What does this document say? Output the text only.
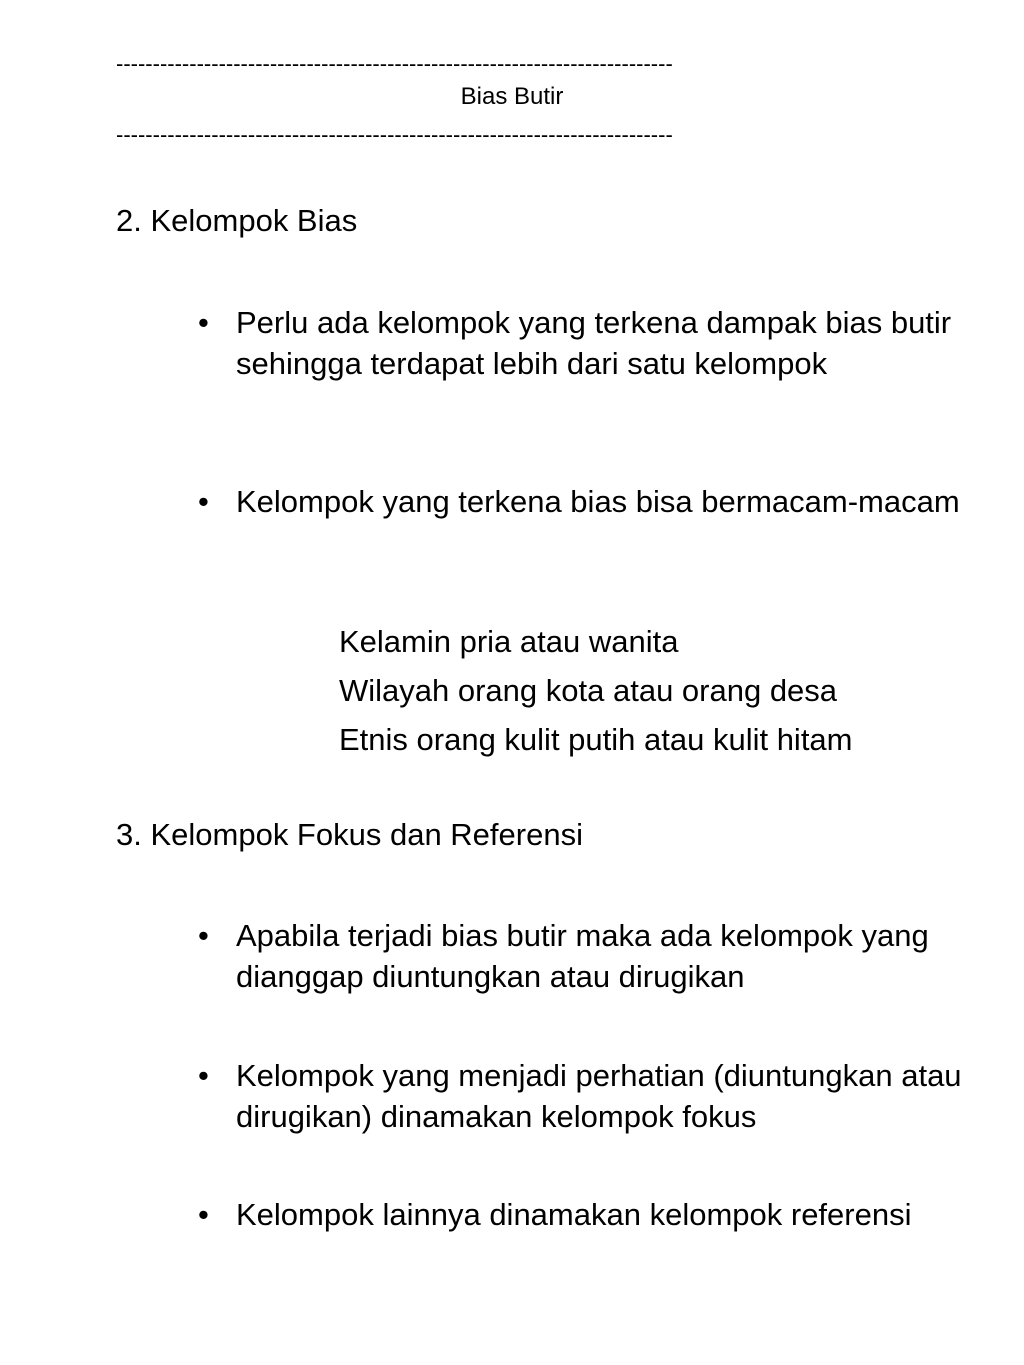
----------------------------------------------------------------------------
Bias Butir
----------------------------------------------------------------------------
2. Kelompok Bias
• Perlu ada kelompok yang terkena dampak bias butir sehingga terdapat lebih dari satu kelompok
• Kelompok yang terkena bias bisa bermacam-macam
Kelamin pria atau wanita
Wilayah orang kota atau orang desa
Etnis orang kulit putih atau kulit hitam
3. Kelompok Fokus dan Referensi
• Apabila terjadi bias butir maka ada kelompok yang dianggap diuntungkan atau dirugikan
• Kelompok yang menjadi perhatian (diuntungkan atau dirugikan) dinamakan kelompok fokus
• Kelompok lainnya dinamakan kelompok referensi
